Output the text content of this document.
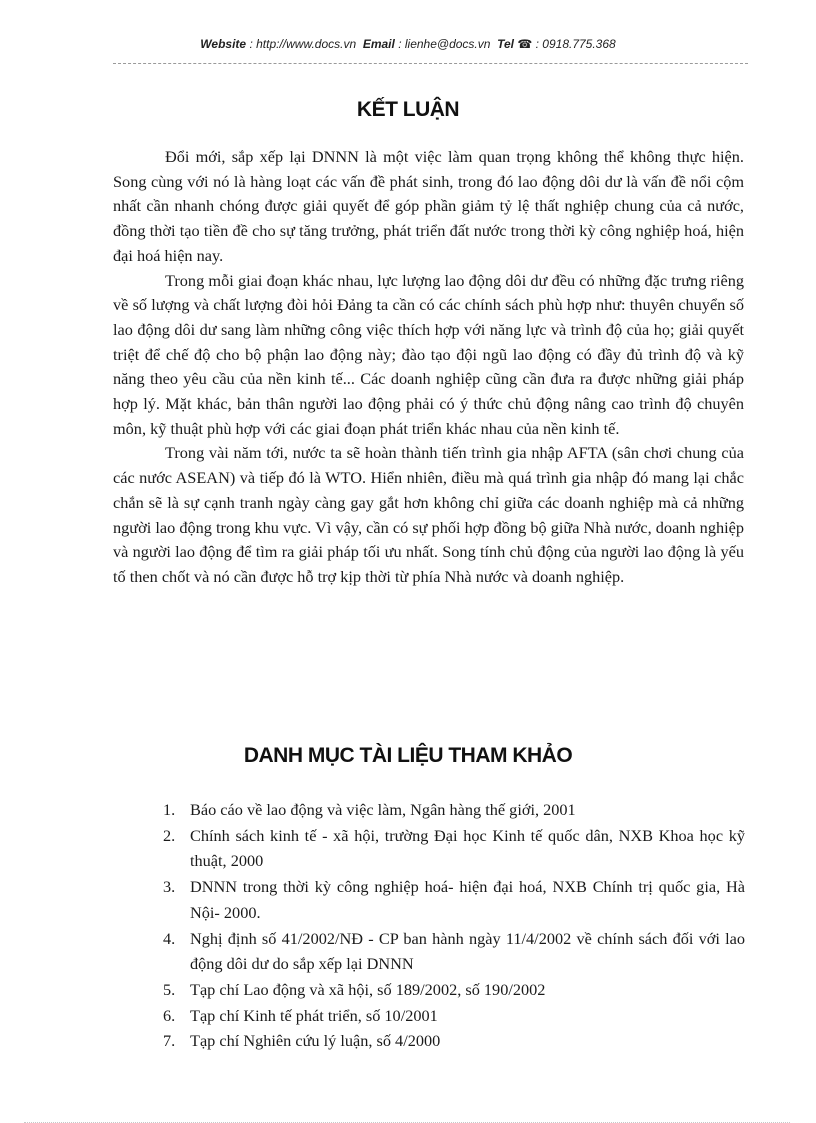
Website : http://www.docs.vn Email : lienhe@docs.vn Tel ☎ : 0918.775.368
KẾT LUẬN

Đổi mới, sắp xếp lại DNNN là một việc làm quan trọng không thể không thực hiện. Song cùng với nó là hàng loạt các vấn đề phát sinh, trong đó lao động dôi dư là vấn đề nổi cộm nhất cần nhanh chóng được giải quyết để góp phần giảm tỷ lệ thất nghiệp chung của cả nước, đồng thời tạo tiền đề cho sự tăng trưởng, phát triển đất nước trong thời kỳ công nghiệp hoá, hiện đại hoá hiện nay.

Trong mỗi giai đoạn khác nhau, lực lượng lao động dôi dư đều có những đặc trưng riêng về số lượng và chất lượng đòi hỏi Đảng ta cần có các chính sách phù hợp như: thuyên chuyển số lao động dôi dư sang làm những công việc thích hợp với năng lực và trình độ của họ; giải quyết triệt để chế độ cho bộ phận lao động này; đào tạo đội ngũ lao động có đầy đủ trình độ và kỹ năng theo yêu cầu của nền kinh tế... Các doanh nghiệp cũng cần đưa ra được những giải pháp hợp lý. Mặt khác, bản thân người lao động phải có ý thức chủ động nâng cao trình độ chuyên môn, kỹ thuật phù hợp với các giai đoạn phát triển khác nhau của nền kinh tế.

Trong vài năm tới, nước ta sẽ hoàn thành tiến trình gia nhập AFTA (sân chơi chung của các nước ASEAN) và tiếp đó là WTO. Hiển nhiên, điều mà quá trình gia nhập đó mang lại chắc chắn sẽ là sự cạnh tranh ngày càng gay gắt hơn không chỉ giữa các doanh nghiệp mà cả những người lao động trong khu vực. Vì vậy, cần có sự phối hợp đồng bộ giữa Nhà nước, doanh nghiệp và người lao động để tìm ra giải pháp tối ưu nhất. Song tính chủ động của người lao động là yếu tố then chốt và nó cần được hỗ trợ kịp thời từ phía Nhà nước và doanh nghiệp.

DANH MỤC TÀI LIỆU THAM KHẢO
1. Báo cáo về lao động và việc làm, Ngân hàng thế giới, 2001
2. Chính sách kinh tế - xã hội, trường Đại học Kinh tế quốc dân, NXB Khoa học kỹ thuật, 2000
3. DNNN trong thời kỳ công nghiệp hoá- hiện đại hoá, NXB Chính trị quốc gia, Hà Nội- 2000.
4. Nghị định số 41/2002/NĐ - CP ban hành ngày 11/4/2002 về chính sách đối với lao động dôi dư do sắp xếp lại DNNN
5. Tạp chí Lao động và xã hội, số 189/2002, số 190/2002
6. Tạp chí Kinh tế phát triển, số 10/2001
7. Tạp chí Nghiên cứu lý luận, số 4/2000
